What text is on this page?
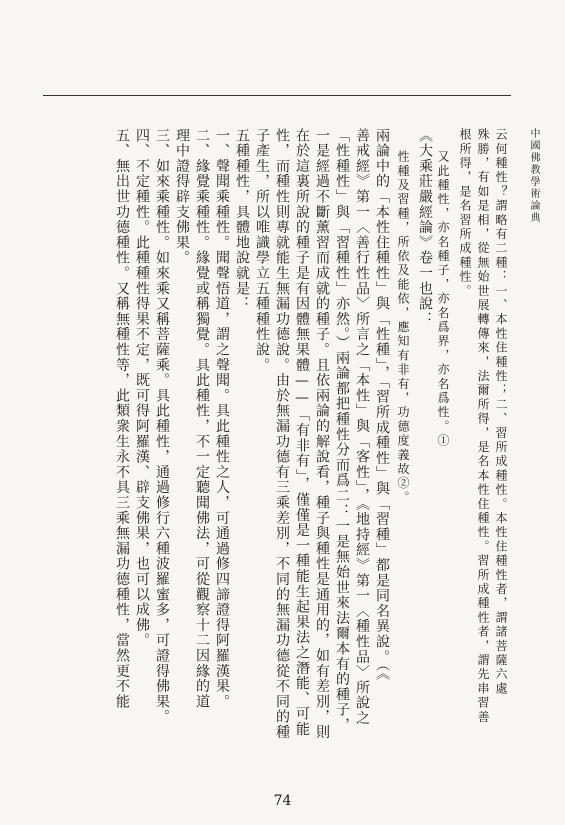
中國佛教學術論典
云何種性？謂略有二種：一、本性住種性；二、習所成種性。本性住種性者，謂諸菩薩六處
殊勝，有如是相，從無始世展轉傳來，法爾所得，是名本性住種性。習所成種性者，謂先串習善
根所得，是名習所成種性。
又此種性，亦名種子，亦名爲界，亦名爲性。①
《大乘莊嚴經論》卷一也說：
性種及習種，所依及能依，應知有非有，功德度義故②。
兩論中的「本性住種性」與「性種」，「習所成種性」與「習種」都是同名異說。（《
善戒經》第一〈善行性品〉所言之「本性」與「客性」，《地持經》第一〈種性品〉所說之
「性種性」與「習種性」亦然。）兩論都把種性分而爲二：一是無始世來法爾本有的種子，
一是經過不斷薰習而成就的種子。且依兩論的解說看，種子與種性是通用的，如有差別，則
在於這裏所說的種子是有因體無果體——「有非有」，僅僅是一種能生起果法之潛能、可能
性，而種性則專就能生無漏功德說。由於無漏功德有三乘差別，不同的無漏功德從不同的種
子產生，所以唯識學立五種種性說。
五種種性，具體地說就是：
一、聲聞乘種性。聞聲悟道，謂之聲聞。具此種性之人，可通過修四諦證得阿羅漢果。
二、緣覺乘種性。緣覺或稱獨覺。具此種性，不一定聽聞佛法，可從觀察十二因緣的道
理中證得辟支佛果。
三、如來乘種性。如來乘又稱菩薩乘。具此種性，通過修行六種波羅蜜多，可證得佛果。
四、不定種性。此種種性得果不定，既可得阿羅漢、辟支佛果，也可以成佛。
五、無出世功德種性。又稱無種性等，此類衆生永不具三乘無漏功德種性，當然更不能
74
